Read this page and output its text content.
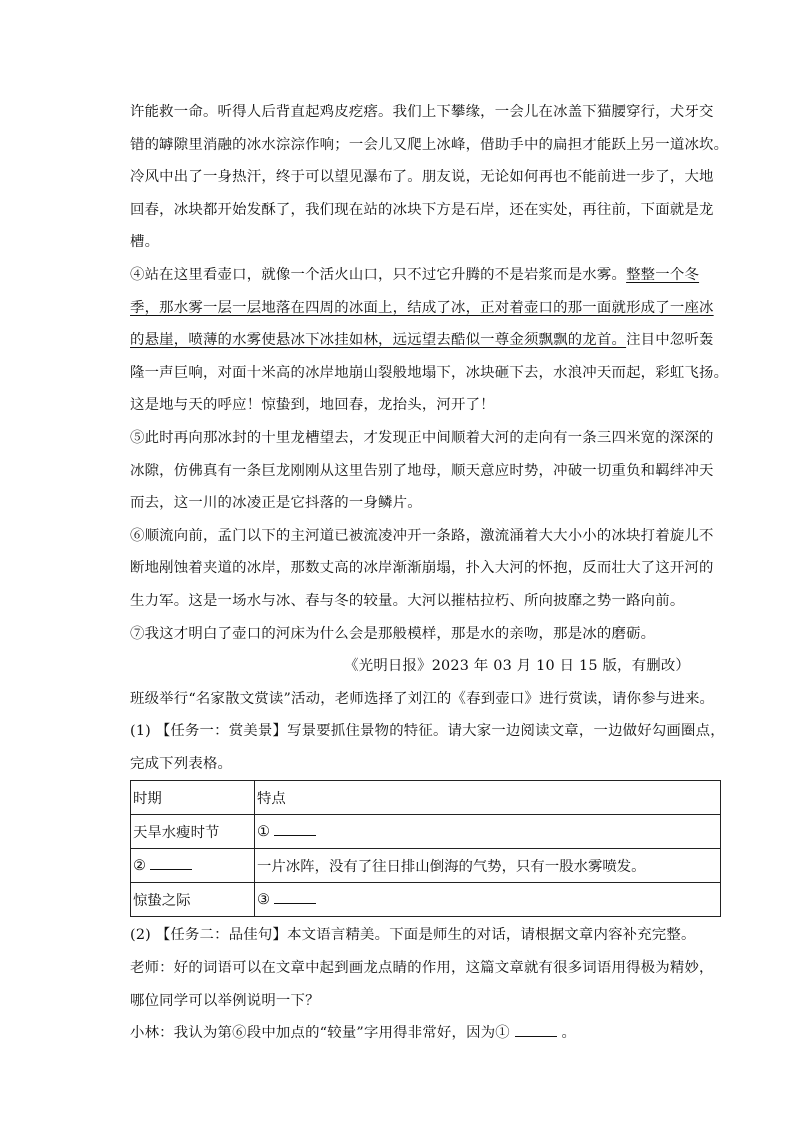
许能救一命。听得人后背直起鸡皮疙瘩。我们上下攀缘，一会儿在冰盖下猫腰穿行，犬牙交
错的罅隙里消融的冰水淙淙作响；一会儿又爬上冰峰，借助手中的扁担才能跃上另一道冰坎。
冷风中出了一身热汗，终于可以望见瀑布了。朋友说，无论如何再也不能前进一步了，大地
回春，冰块都开始发酥了，我们现在站的冰块下方是石岸，还在实处，再往前，下面就是龙
槽。
④站在这里看壶口，就像一个活火山口，只不过它升腾的不是岩浆而是水雾。整整一个冬
季，那水雾一层一层地落在四周的冰面上，结成了冰，正对着壶口的那一面就形成了一座冰
的悬崖，喷薄的水雾使悬冰下冰挂如林，远远望去酷似一尊金须飘飘的龙首。注目中忽听轰
隆一声巨响，对面十米高的冰岸地崩山裂般地塌下，冰块砸下去，水浪冲天而起，彩虹飞扬。
这是地与天的呼应！惊蛰到，地回春，龙抬头，河开了！
⑤此时再向那冰封的十里龙槽望去，才发现正中间顺着大河的走向有一条三四米宽的深深的
冰隙，仿佛真有一条巨龙刚刚从这里告别了地母，顺天意应时势，冲破一切重负和羁绊冲天
而去，这一川的冰凌正是它抖落的一身鳞片。
⑥顺流向前，孟门以下的主河道已被流凌冲开一条路，激流涌着大大小小的冰块打着旋儿不
断地剐蚀着夹道的冰岸，那数丈高的冰岸渐渐崩塌，扑入大河的怀抱，反而壮大了这开河的
生力军。这是一场水与冰、春与冬的较量。大河以摧枯拉朽、所向披靡之势一路向前。
⑦我这才明白了壶口的河床为什么会是那般模样，那是水的亲吻，那是冰的磨砺。
《光明日报》2023 年 03 月 10 日 15 版，有删改）
班级举行“名家散文赏读”活动，老师选择了刘江的《春到壶口》进行赏读，请你参与进来。
(1) 【任务一：赏美景】写景要抓住景物的特征。请大家一边阅读文章，一边做好勾画圈点，
完成下列表格。
时期	特点
天旱水瘦时节	①
②	一片冰阵，没有了往日排山倒海的气势，只有一股水雾喷发。
惊蛰之际	③
(2) 【任务二：品佳句】本文语言精美。下面是师生的对话，请根据文章内容补充完整。
老师：好的词语可以在文章中起到画龙点睛的作用，这篇文章就有很多词语用得极为精妙，
哪位同学可以举例说明一下？
小林：我认为第⑥段中加点的“较量”字用得非常好，因为①	。
